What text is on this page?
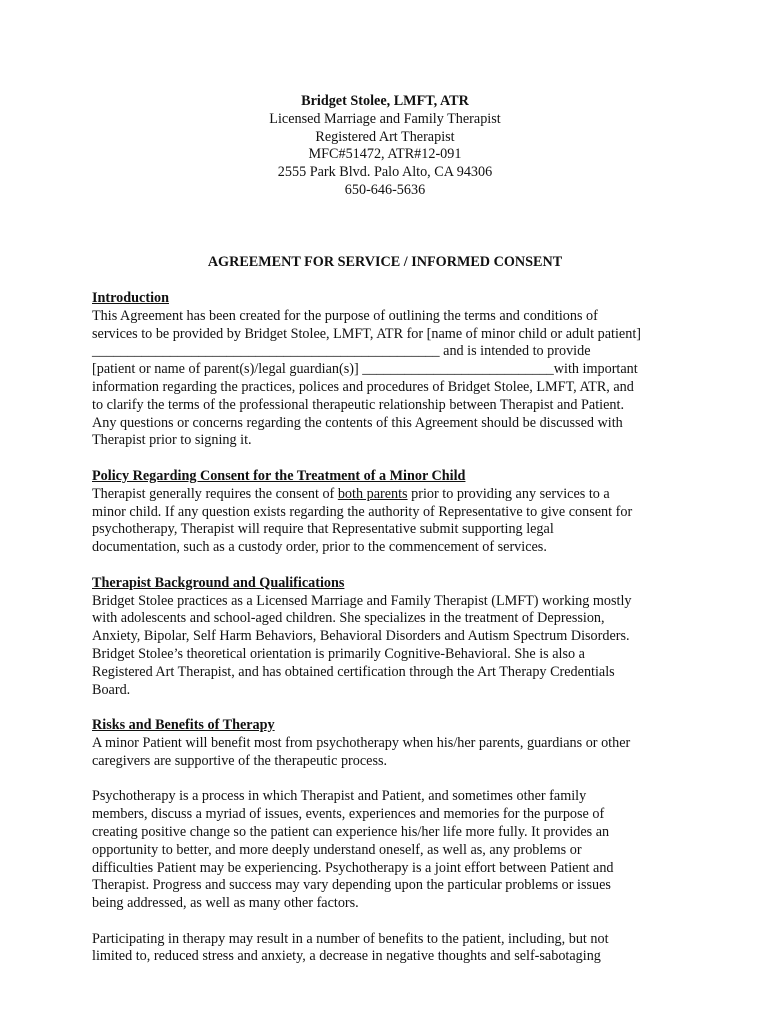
Bridget Stolee, LMFT, ATR
Licensed Marriage and Family Therapist
Registered Art Therapist
MFC#51472, ATR#12-091
2555 Park Blvd. Palo Alto, CA 94306
650-646-5636
AGREEMENT FOR SERVICE / INFORMED CONSENT
Introduction
This Agreement has been created for the purpose of outlining the terms and conditions of
services to be provided by Bridget Stolee, LMFT, ATR for [name of minor child or adult patient]
_________________________________________________ and is intended to provide
[patient or name of parent(s)/legal guardian(s)] ___________________________with important
information regarding the practices, polices and procedures of Bridget Stolee, LMFT, ATR, and
to clarify the terms of the professional therapeutic relationship between Therapist and Patient.
Any questions or concerns regarding the contents of this Agreement should be discussed with
Therapist prior to signing it.
Policy Regarding Consent for the Treatment of a Minor Child
Therapist generally requires the consent of both parents prior to providing any services to a
minor child. If any question exists regarding the authority of Representative to give consent for
psychotherapy, Therapist will require that Representative submit supporting legal
documentation, such as a custody order, prior to the commencement of services.
Therapist Background and Qualifications
Bridget Stolee practices as a Licensed Marriage and Family Therapist (LMFT) working mostly
with adolescents and school-aged children. She specializes in the treatment of Depression,
Anxiety, Bipolar, Self Harm Behaviors, Behavioral Disorders and Autism Spectrum Disorders.
Bridget Stolee’s theoretical orientation is primarily Cognitive-Behavioral. She is also a
Registered Art Therapist, and has obtained certification through the Art Therapy Credentials
Board.
Risks and Benefits of Therapy
A minor Patient will benefit most from psychotherapy when his/her parents, guardians or other
caregivers are supportive of the therapeutic process.
Psychotherapy is a process in which Therapist and Patient, and sometimes other family
members, discuss a myriad of issues, events, experiences and memories for the purpose of
creating positive change so the patient can experience his/her life more fully. It provides an
opportunity to better, and more deeply understand oneself, as well as, any problems or
difficulties Patient may be experiencing. Psychotherapy is a joint effort between Patient and
Therapist. Progress and success may vary depending upon the particular problems or issues
being addressed, as well as many other factors.
Participating in therapy may result in a number of benefits to the patient, including, but not
limited to, reduced stress and anxiety, a decrease in negative thoughts and self-sabotaging
